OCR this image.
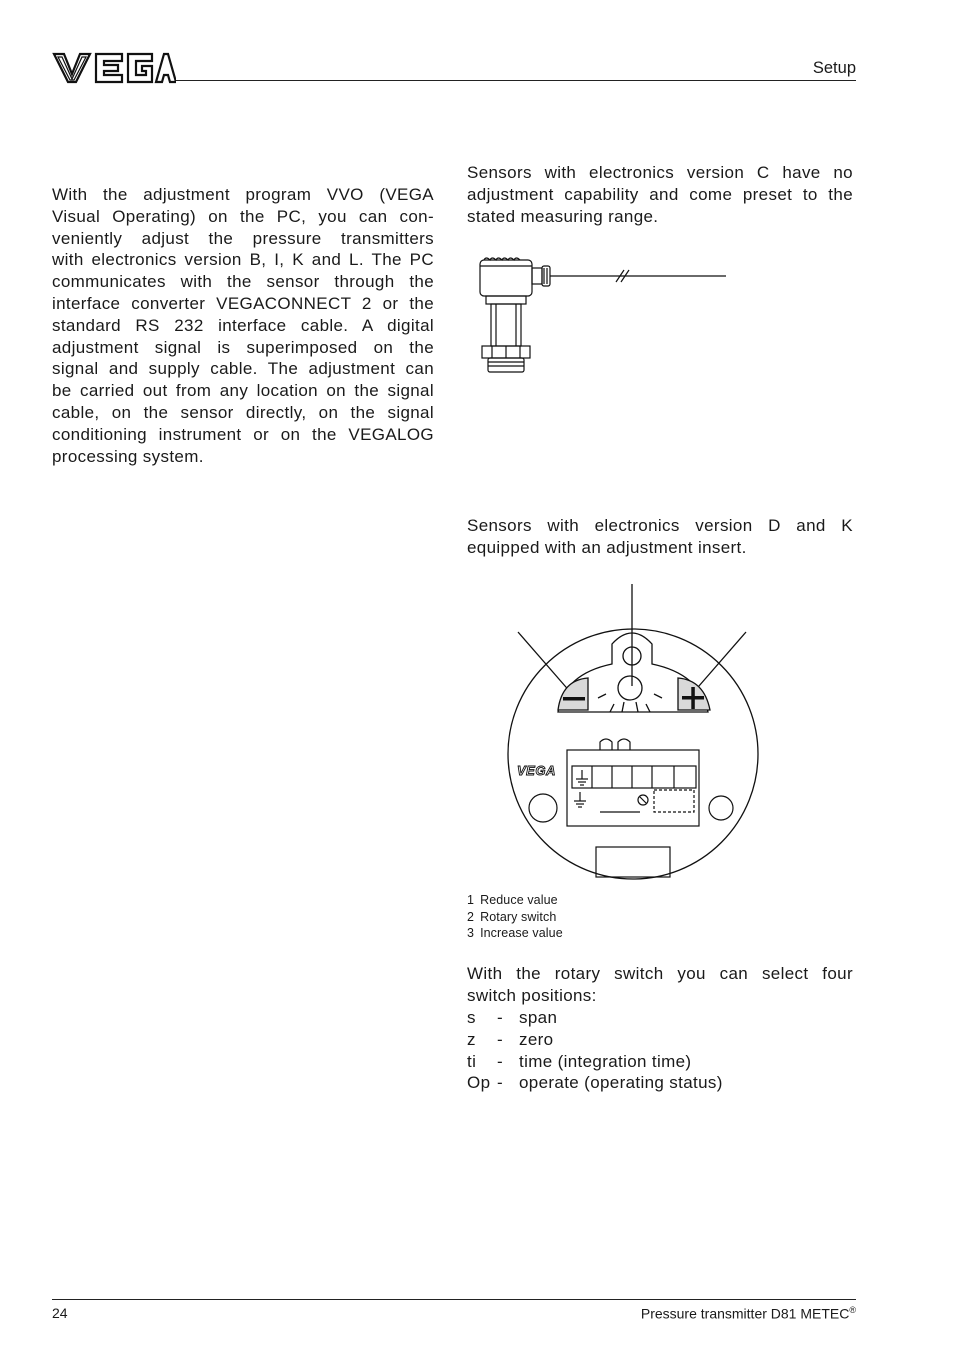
Setup
With the adjustment program VVO (VEGA
Visual Operating) on the PC, you can con-
veniently adjust the pressure transmitters
with electronics version B, I, K and L. The PC
communicates with the sensor through the
interface converter VEGACONNECT 2 or the
standard RS 232 interface cable. A digital
adjustment signal is superimposed on the
signal and supply cable. The adjustment can
be carried out from any location on the signal
cable, on the sensor directly, on the signal
conditioning instrument or on the VEGALOG
processing system.
Sensors with electronics version C have no
adjustment capability and come preset to the
stated measuring range.
Sensors with electronics version D and K
equipped with an adjustment insert.
VEGA
1 Reduce value
2 Rotary switch
3 Increase value
With the rotary switch you can select four
switch positions:
s - span
z - zero
ti - time (integration time)
Op - operate (operating status)
24	Pressure transmitter D81 METEC®
